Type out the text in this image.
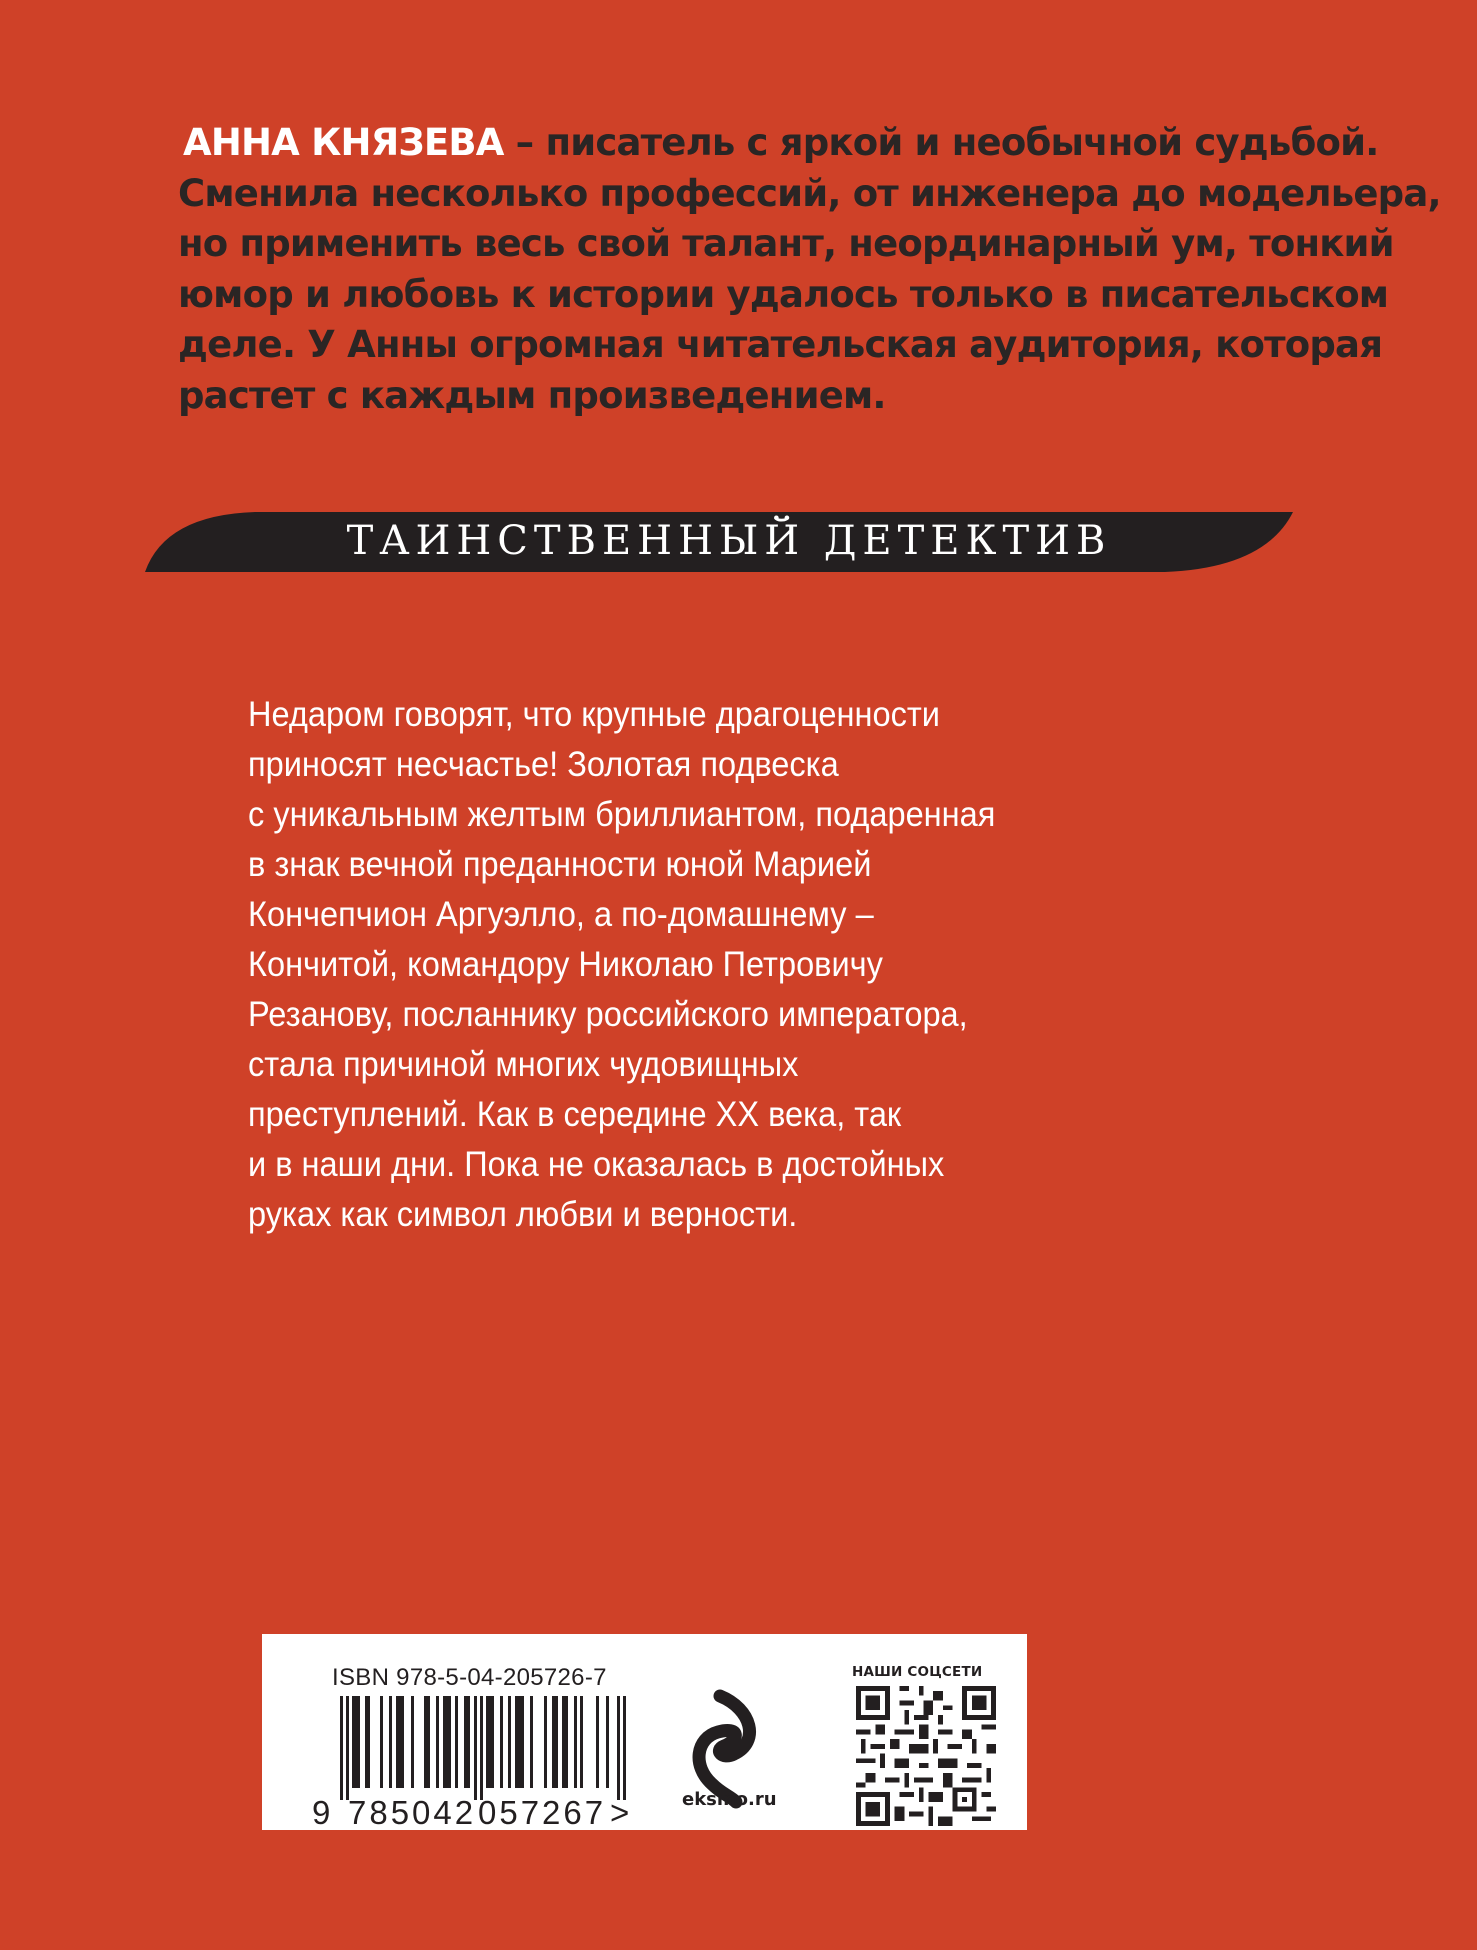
АННА КНЯЗЕВА – писатель с яркой и необычной судьбой.
Сменила несколько профессий, от инженера до модельера,
но применить весь свой талант, неординарный ум, тонкий
юмор и любовь к истории удалось только в писательском
деле. У Анны огромная читательская аудитория, которая
растет с каждым произведением.
ТАИНСТВЕННЫЙ ДЕТЕКТИВ
Недаром говорят, что крупные драгоценности
приносят несчастье! Золотая подвеска
с уникальным желтым бриллиантом, подаренная
в знак вечной преданности юной Марией
Кончепчион Аргуэлло, а по-домашнему –
Кончитой, командору Николаю Петровичу
Резанову, посланнику российского императора,
стала причиной многих чудовищных
преступлений. Как в середине XX века, так
и в наши дни. Пока не оказалась в достойных
руках как символ любви и верности.
ISBN 978-5-04-205726-7
9 785042057267 >	eksmo.ru
НАШИ СОЦСЕТИ
